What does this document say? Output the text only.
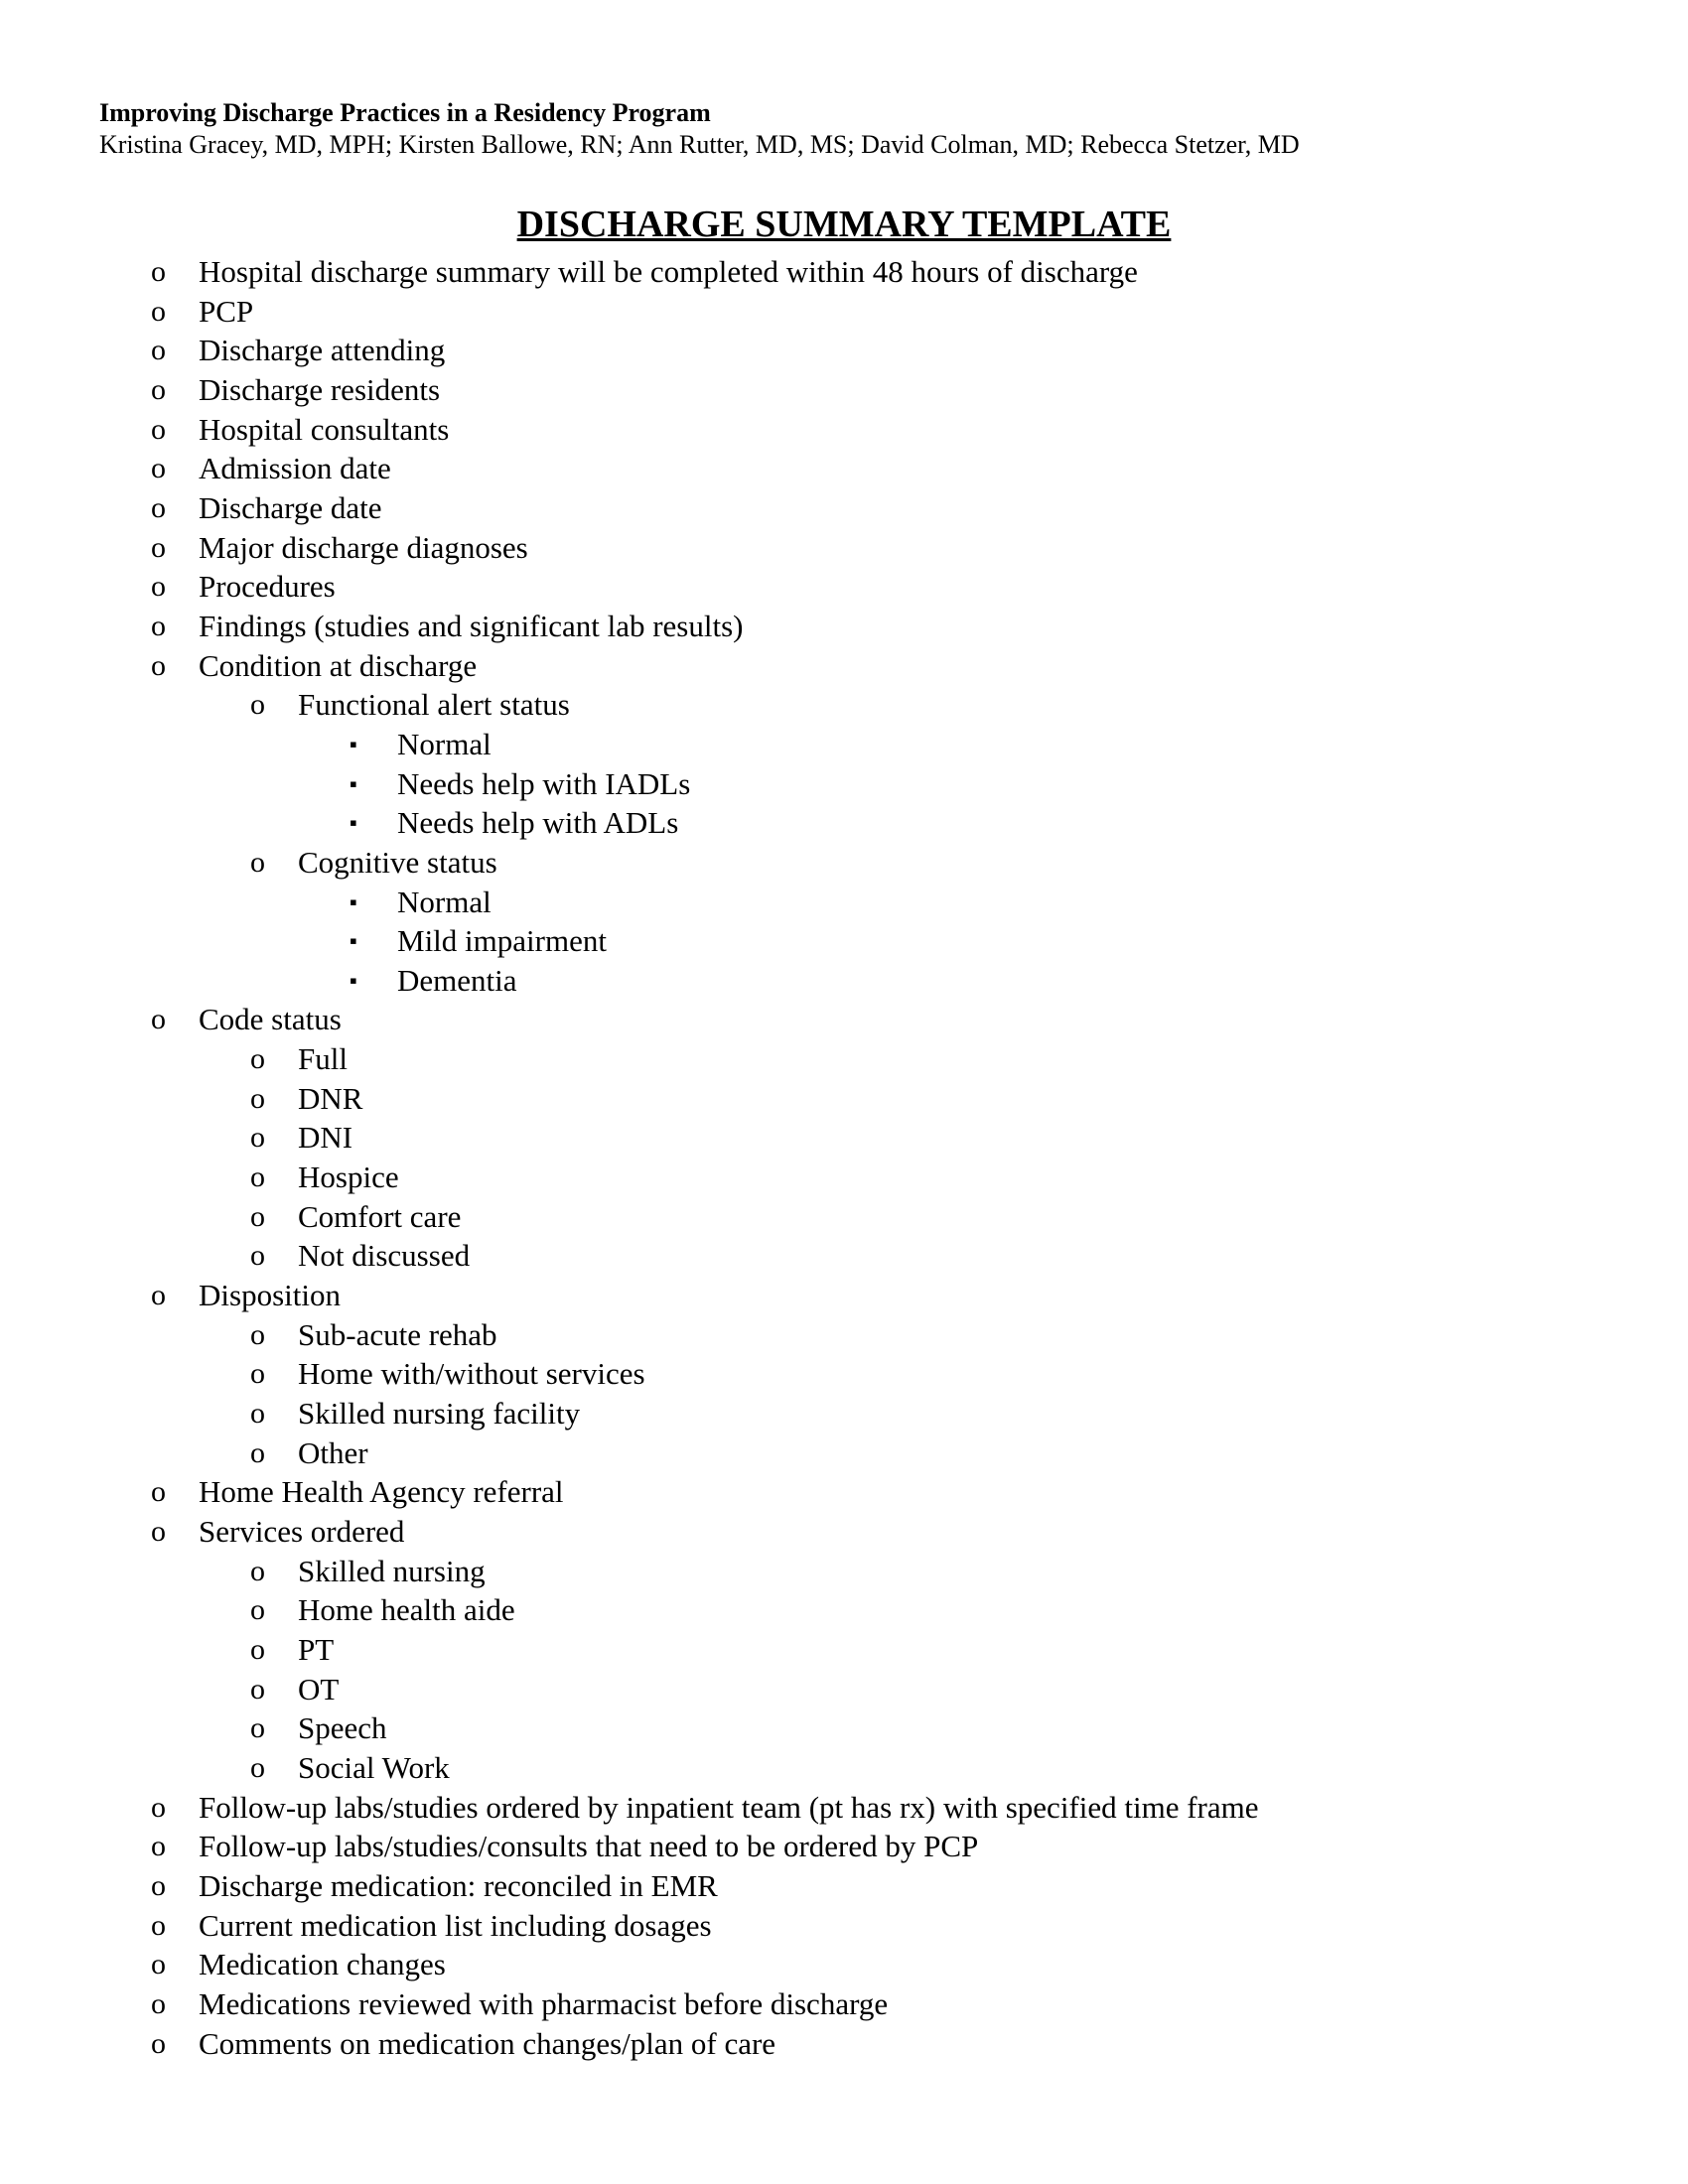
Improving Discharge Practices in a Residency Program
Kristina Gracey, MD, MPH; Kirsten Ballowe, RN; Ann Rutter, MD, MS; David Colman, MD; Rebecca Stetzer, MD
DISCHARGE SUMMARY TEMPLATE
o Hospital discharge summary will be completed within 48 hours of discharge
o PCP
o Discharge attending
o Discharge residents
o Hospital consultants
o Admission date
o Discharge date
o Major discharge diagnoses
o Procedures
o Findings (studies and significant lab results)
o Condition at discharge
o Functional alert status
▪ Normal
▪ Needs help with IADLs
▪ Needs help with ADLs
o Cognitive status
▪ Normal
▪ Mild impairment
▪ Dementia
o Code status
o Full
o DNR
o DNI
o Hospice
o Comfort care
o Not discussed
o Disposition
o Sub-acute rehab
o Home with/without services
o Skilled nursing facility
o Other
o Home Health Agency referral
o Services ordered
o Skilled nursing
o Home health aide
o PT
o OT
o Speech
o Social Work
o Follow-up labs/studies ordered by inpatient team (pt has rx) with specified time frame
o Follow-up labs/studies/consults that need to be ordered by PCP
o Discharge medication: reconciled in EMR
o Current medication list including dosages
o Medication changes
o Medications reviewed with pharmacist before discharge
o Comments on medication changes/plan of care
